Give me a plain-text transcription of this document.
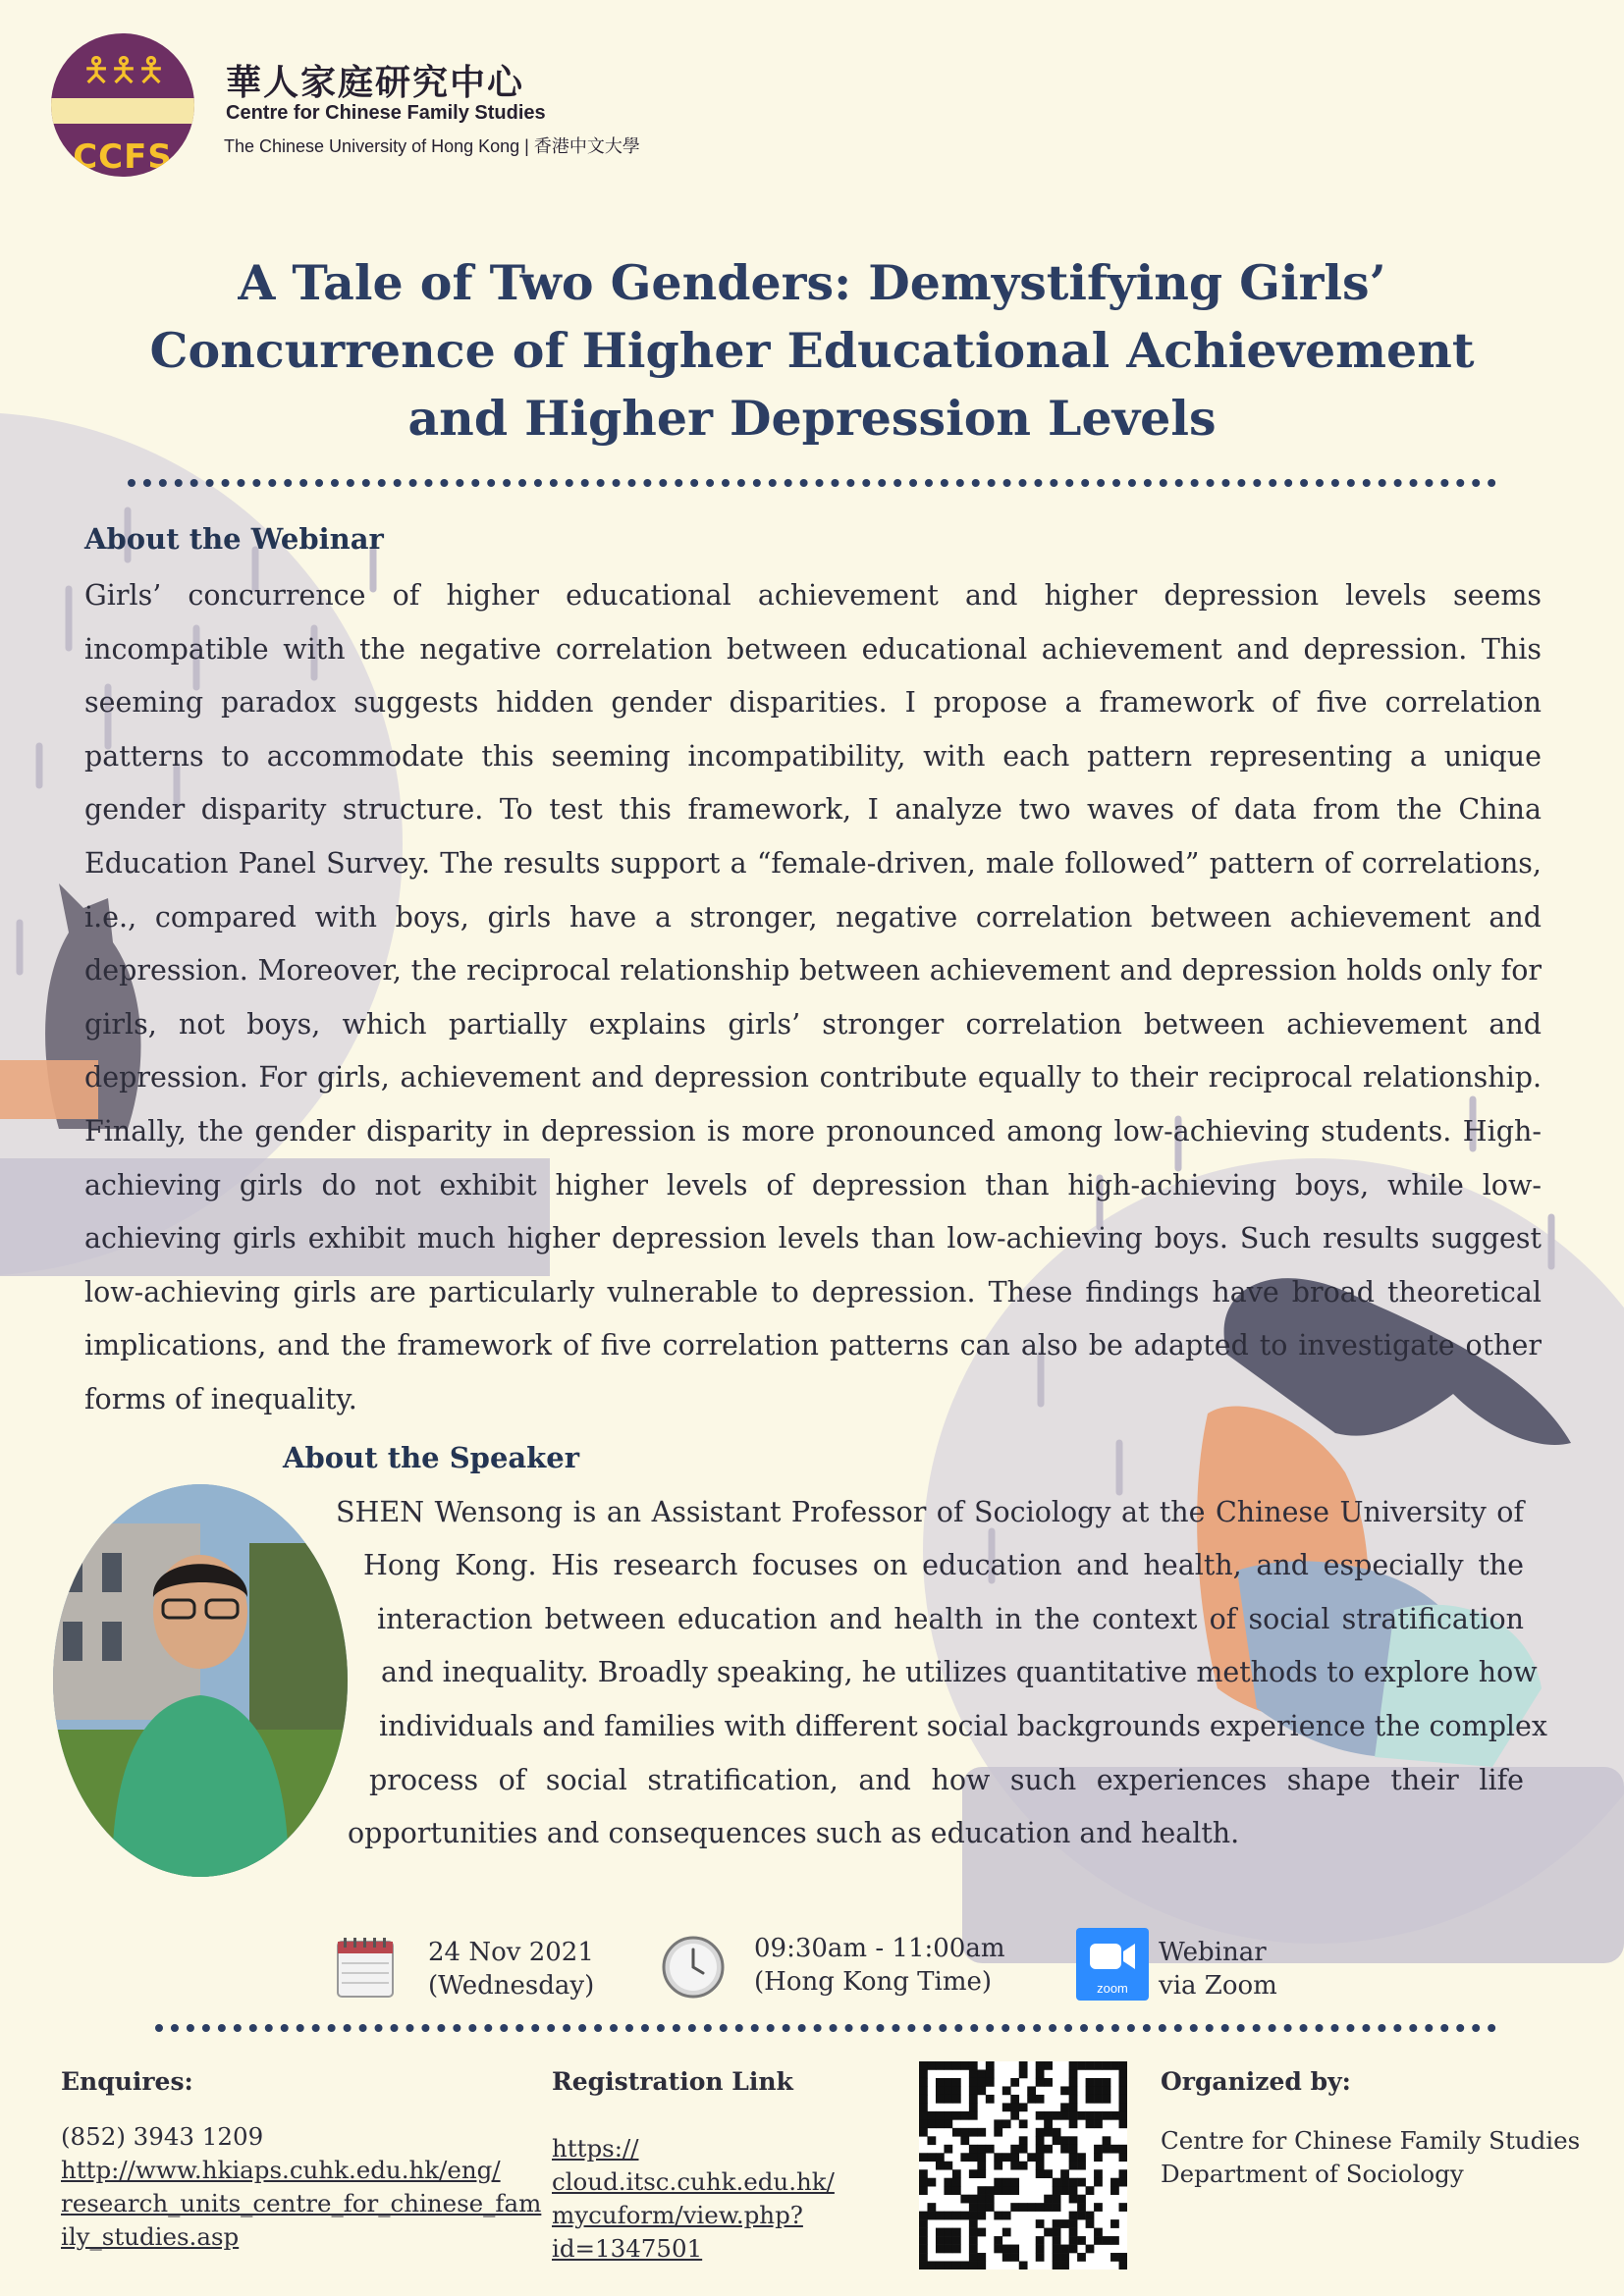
🯅🯅🯅
CCFS
華人家庭研究中心
Centre for Chinese Family Studies
The Chinese University of Hong Kong | 香港中文大學
A Tale of Two Genders: Demystifying Girls’
Concurrence of Higher Educational Achievement
and Higher Depression Levels
About the Webinar
Girls’ concurrence of higher educational achievement and higher depression levels seems incompatible with the negative correlation between educational achievement and depression. This seeming paradox suggests hidden gender disparities. I propose a framework of five correlation patterns to accommodate this seeming incompatibility, with each pattern representing a unique gender disparity structure. To test this framework, I analyze two waves of data from the China Education Panel Survey. The results support a “female-driven, male followed” pattern of correlations, i.e., compared with boys, girls have a stronger, negative correlation between achievement and depression. Moreover, the reciprocal relationship between achievement and depression holds only for girls, not boys, which partially explains girls’ stronger correlation between achievement and depression. For girls, achievement and depression contribute equally to their reciprocal relationship. Finally, the gender disparity in depression is more pronounced among low-achieving students. High-achieving girls do not exhibit higher levels of depression than high-achieving boys, while low-achieving girls exhibit much higher depression levels than low-achieving boys. Such results suggest low-achieving girls are particularly vulnerable to depression. These findings have broad theoretical implications, and the framework of five correlation patterns can also be adapted to investigate other forms of inequality.
About the Speaker
SHEN Wensong is an Assistant Professor of Sociology at the Chinese University of
Hong Kong. His research focuses on education and health, and especially the
interaction between education and health in the context of social stratification
and inequality. Broadly speaking, he utilizes quantitative methods to explore how
individuals and families with different social backgrounds experience the complex
process of social stratification, and how such experiences shape their life
opportunities and consequences such as education and health.
24 Nov 2021
(Wednesday)
09:30am - 11:00am
(Hong Kong Time)	zoom
Webinar
via Zoom
Enquires:
(852) 3943 1209
http://www.hkiaps.cuhk.edu.hk/eng/
research_units_centre_for_chinese_fam
ily_studies.asp
Registration Link
https://
cloud.itsc.cuhk.edu.hk/
mycuform/view.php?
id=1347501
Organized by:
Centre for Chinese Family Studies
Department of Sociology
